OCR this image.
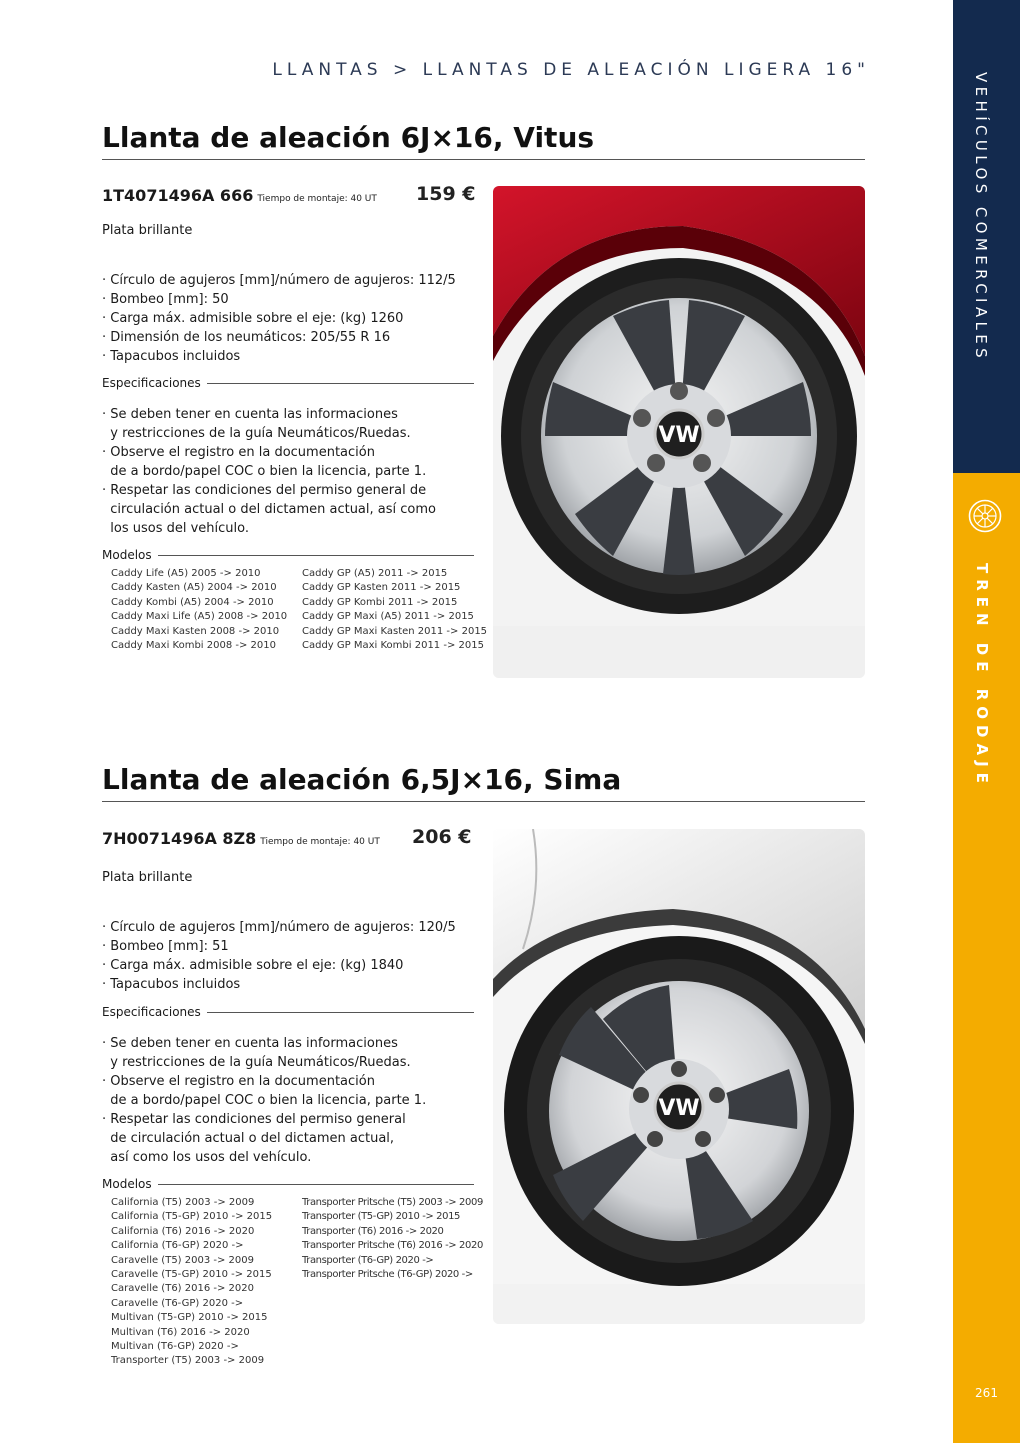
VEHÍCULOS COMERCIALES
TREN DE RODAJE
261
LLANTAS > LLANTAS DE ALEACIÓN LIGERA 16"
Llanta de aleación 6J×16, Vitus
1T4071496A 666 Tiempo de montaje: 40 UT 159 €
Plata brillante
· Círculo de agujeros [mm]/número de agujeros: 112/5
· Bombeo [mm]: 50
· Carga máx. admisible sobre el eje: (kg) 1260
· Dimensión de los neumáticos: 205/55 R 16
· Tapacubos incluidos
Especificaciones
· Se deben tener en cuenta las informaciones
y restricciones de la guía Neumáticos/Ruedas.
· Observe el registro en la documentación
de a bordo/papel COC o bien la licencia, parte 1.
· Respetar las condiciones del permiso general de
circulación actual o del dictamen actual, así como
los usos del vehículo.
Modelos
Caddy Life (A5) 2005 -> 2010
Caddy Kasten (A5) 2004 -> 2010
Caddy Kombi (A5) 2004 -> 2010
Caddy Maxi Life (A5) 2008 -> 2010
Caddy Maxi Kasten 2008 -> 2010
Caddy Maxi Kombi 2008 -> 2010
Caddy GP (A5) 2011 -> 2015
Caddy GP Kasten 2011 -> 2015
Caddy GP Kombi 2011 -> 2015
Caddy GP Maxi (A5) 2011 -> 2015
Caddy GP Maxi Kasten 2011 -> 2015
Caddy GP Maxi Kombi 2011 -> 2015
VW
Llanta de aleación 6,5J×16, Sima
7H0071496A 8Z8 Tiempo de montaje: 40 UT 206 €
Plata brillante
· Círculo de agujeros [mm]/número de agujeros: 120/5
· Bombeo [mm]: 51
· Carga máx. admisible sobre el eje: (kg) 1840
· Tapacubos incluidos
Especificaciones
· Se deben tener en cuenta las informaciones
y restricciones de la guía Neumáticos/Ruedas.
· Observe el registro en la documentación
de a bordo/papel COC o bien la licencia, parte 1.
· Respetar las condiciones del permiso general
de circulación actual o del dictamen actual,
así como los usos del vehículo.
Modelos
California (T5) 2003 -> 2009
California (T5-GP) 2010 -> 2015
California (T6) 2016 -> 2020
California (T6-GP) 2020 ->
Caravelle (T5) 2003 -> 2009
Caravelle (T5-GP) 2010 -> 2015
Caravelle (T6) 2016 -> 2020
Caravelle (T6-GP) 2020 ->
Multivan (T5-GP) 2010 -> 2015
Multivan (T6) 2016 -> 2020
Multivan (T6-GP) 2020 ->
Transporter (T5) 2003 -> 2009
Transporter Pritsche (T5) 2003 -> 2009
Transporter (T5-GP) 2010 -> 2015
Transporter (T6) 2016 -> 2020
Transporter Pritsche (T6) 2016 -> 2020
Transporter (T6-GP) 2020 ->
Transporter Pritsche (T6-GP) 2020 ->
VW
